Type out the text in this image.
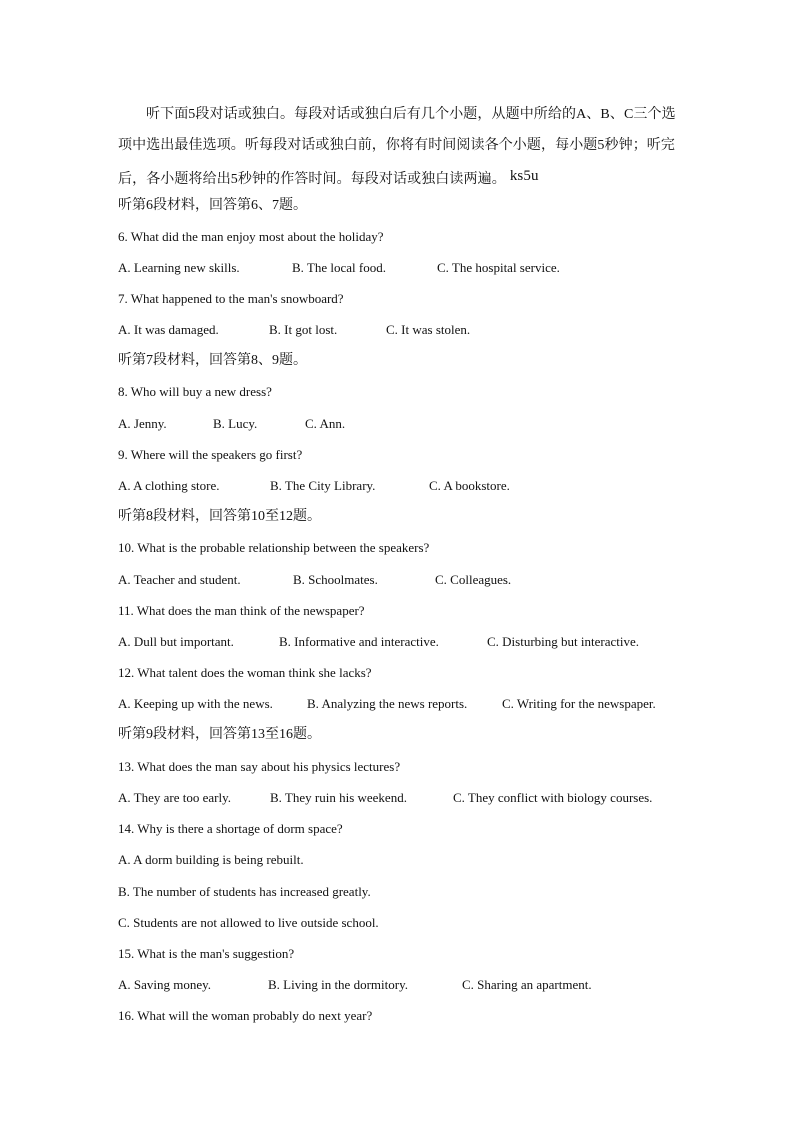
听下面5段对话或独白。每段对话或独白后有几个小题，从题中所给的A、B、C三个选项中选出最佳选项。听每段对话或独白前，你将有时间阅读各个小题，每小题5秒钟；听完后，各小题将给出5秒钟的作答时间。每段对话或独白读两遍。 ks5u
听第6段材料，回答第6、7题。
6. What did the man enjoy most about the holiday?
A. Learning new skills.	B. The local food.	C. The hospital service.
7. What happened to the man's snowboard?
A. It was damaged.	B. It got lost.	C. It was stolen.
听第7段材料，回答第8、9题。
8. Who will buy a new dress?
A. Jenny.	B. Lucy.	C. Ann.
9. Where will the speakers go first?
A. A clothing store.	B. The City Library.	C. A bookstore.
听第8段材料，回答第10至12题。
10. What is the probable relationship between the speakers?
A. Teacher and student.	B. Schoolmates.	C. Colleagues.
11. What does the man think of the newspaper?
A. Dull but important.	B. Informative and interactive.	C. Disturbing but interactive.
12. What talent does the woman think she lacks?
A. Keeping up with the news.	B. Analyzing the news reports.	C. Writing for the newspaper.
听第9段材料，回答第13至16题。
13. What does the man say about his physics lectures?
A. They are too early.	B. They ruin his weekend.	C. They conflict with biology courses.
14. Why is there a shortage of dorm space?
A. A dorm building is being rebuilt.
B. The number of students has increased greatly.
C. Students are not allowed to live outside school.
15. What is the man's suggestion?
A. Saving money.	B. Living in the dormitory.	C. Sharing an apartment.
16. What will the woman probably do next year?
